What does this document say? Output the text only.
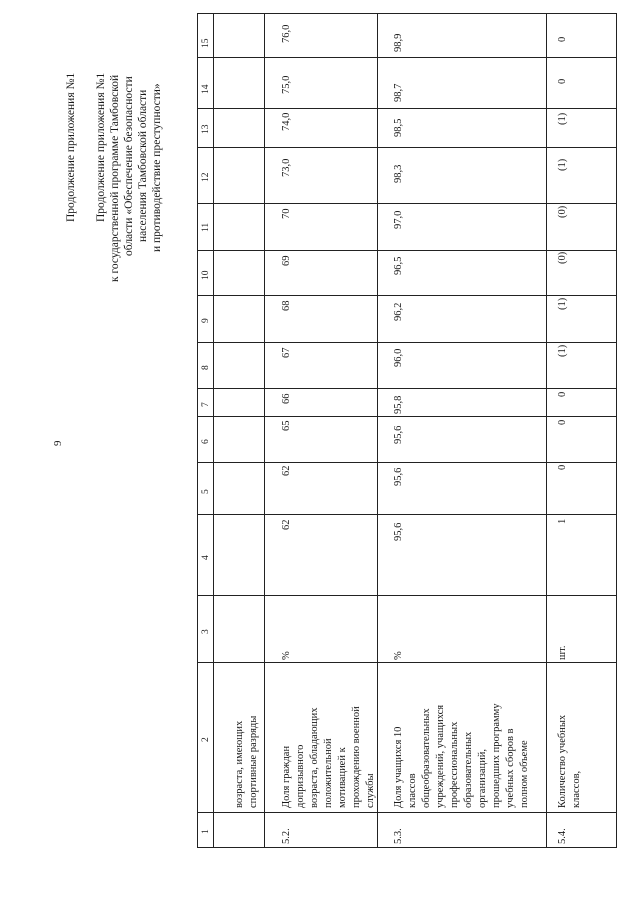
9
Продолжение приложения №1 Продолжение приложения №1 к государственной программе Тамбовской области «Обеспечение безопасности населения Тамбовской области и противодействие преступности»
1
2
3
4
5
6
7
8
9
10
11
12
13
14
15
возраста, имеющих спортивные разряды
5.2.
Доля граждан допризывного возраста, обладающих положительной мотивацией к прохождению военной службы
%
62
62
65
66
67
68
69
70
73,0
74,0
75,0
76,0
5.3.
Доля учащихся 10 классов общеобразовательных учреждений, учащихся профессиональных образовательных организаций, прошедших программу учебных сборов в полном объеме
%
95,6
95,6
95,6
95,8
96,0
96,2
96,5
97,0
98,3
98,5
98,7
98,9
5.4.
Количество учебных классов,
шт.
1
0
0
0
(1)
(1)
(0)
(0)
(1)
(1)
0
0
